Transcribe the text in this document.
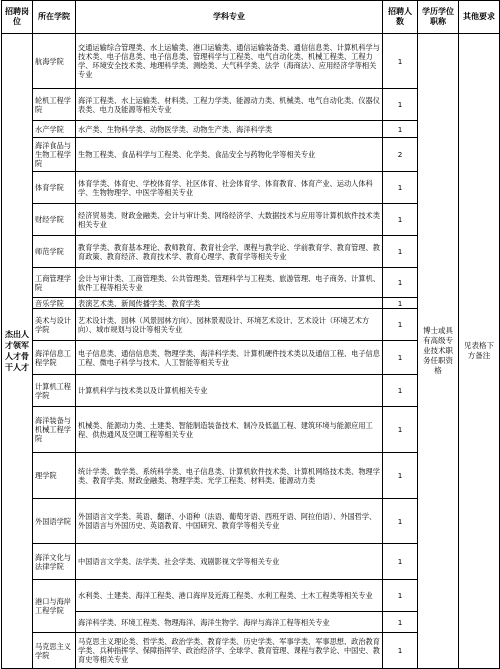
招聘岗位	所在学院	学科专业	招聘人数	学历学位职称	其他要求
杰出人才领军人才骨干人才	航海学院	交通运输综合管理类、水上运输类、港口运输类、通信运输装备类、通信信息类、计算机科学与技术类、电子信息类、电子信息类、管理科学与工程类、电气自动化类、机械工程类、工程力学、环境安全技术类、地理科学类、测绘类、大气科学类、法学（海商法）、应用经济学等相关专业	1	博士或具有高级专业技术职务任职资格	见表格下方备注
	轮机工程学院	海洋工程类、水上运输类、材料类、工程力学类、能源动力类、机械类、电气自动化类、仪器仪表类、电力及能源等相关专业	1		
	水产学院	水产类、生物科学类、动物医学类、动物生产类、海洋科学类	1		
	海洋食品与生物工程学院	生物工程类、食品科学与工程类、化学类、食品安全与药物化学等相关专业	2		
	体育学院	体育学类、体育史、学校体育学、社区体育、社会体育学、体育教育、体育产业、运动人体科学、生物物理学、中医学等相关专业	1		
	财经学院	经济贸易类、财政金融类、会计与审计类、网络经济学、大数据技术与应用等计算机软件技术类相关专业	1		
	师范学院	教育学类、教育基本理论、教师教育、教育社会学、课程与教学论、学前教育学、教育管理、教育政策、教育经济、教育技术学、教育心理学、教育学等相关专业	1		
	工商管理学院	会计与审计类、工商管理类、公共管理类、管理科学与工程类、旅游管理、电子商务、计算机、软件工程等相关专业	1		
	音乐学院	表演艺术类、新闻传播学类、教育学类	1		
	美术与设计学院	艺术设计类、园林（风景园林方向）、园林景观设计、环境艺术设计、艺术设计（环境艺术方向）、城市规划与设计等相关专业	1		
	海洋信息工程学院	电子信息类、通信信息类、物理学类、海洋科学类、计算机硬件技术类以及通信工程、电子信息工程、微电子科学与技术、人工智能等相关专业	1		
	计算机工程学院	计算机科学与技术类以及计算机相关专业	1		
	海洋装备与机械工程学院	机械类、能源动力类、土建类、智能制造装备技术、制冷及低温工程、建筑环境与能源应用工程、供热通风及空调工程等相关专业	1		
	理学院	统计学类、数学类、系统科学类、电子信息类、计算机软件技术类、计算机网络技术类、物理学类、教育学类、财政金融类、物理学类、光学工程类、材料类、能源动力类	1		
	外国语学院	外国语言文学类、英语、翻译、小语种（法语、葡萄牙语、西班牙语、阿拉伯语）、外国哲学、外国语言与外国历史、英语教育、中国研究、教育学等相关专业	1		
	海洋文化与法律学院	中国语言文学类、法学类、社会学类、戏剧影视文学等相关专业	1		
	港口与海岸工程学院	水利类、土建类、海洋工程类、港口海岸及近海工程类、水利工程类、土木工程类等相关专业	1		
		海洋科学类、环境工程类、物理海洋、海洋生物学、海岸与海洋工程等相关专业	1		
	马克思主义学院	马克思主义理论类、哲学类、政治学类、教育学类、历史学类、军事学类、军事思想、政治教育学类、兵种指挥学、保障指挥学、政治经济学、全球学、教育管理、课程与教学论、中国史、教育史等相关专业	1		
